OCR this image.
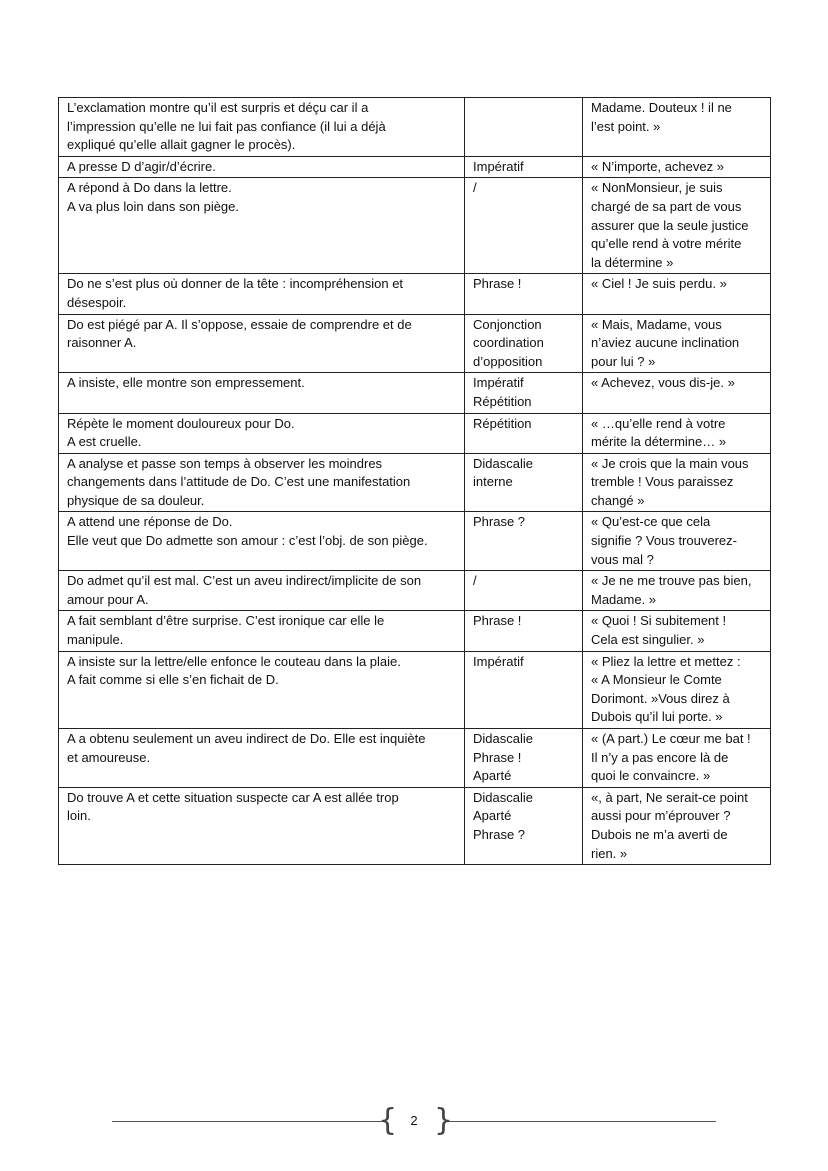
L’exclamation montre qu’il est surpris et déçu car il a
l’impression qu’elle ne lui fait pas confiance (il lui a déjà
expliqué qu’elle allait gagner le procès).		Madame. Douteux ! il ne
l’est point. »

A presse D d’agir/d’écrire.	Impératif	« N’importe, achevez »

A répond à Do dans la lettre.
A va plus loin dans son piège.	/	« NonMonsieur, je suis
chargé de sa part de vous
assurer que la seule justice
qu’elle rend à votre mérite
la détermine »

Do ne s’est plus où donner de la tête : incompréhension et
désespoir.	Phrase !	« Ciel ! Je suis perdu. »

Do est piégé par A. Il s’oppose, essaie de comprendre et de
raisonner A.	Conjonction
coordination
d’opposition	« Mais, Madame, vous
n’aviez aucune inclination
pour lui ? »

A insiste, elle montre son empressement.	Impératif
Répétition	« Achevez, vous dis-je. »

Répète le moment douloureux pour Do.
A est cruelle.	Répétition	« …qu’elle rend à votre
mérite la détermine… »

A analyse et passe son temps à observer les moindres
changements dans l’attitude de Do. C’est une manifestation
physique de sa douleur.	Didascalie
interne	« Je crois que la main vous
tremble ! Vous paraissez
changé »

A attend une réponse de Do.
Elle veut que Do admette son amour : c’est l’obj. de son piège.	Phrase ?	« Qu’est-ce que cela
signifie ? Vous trouverez-
vous mal ?

Do admet qu’il est mal. C’est un aveu indirect/implicite de son
amour pour A.	/	« Je ne me trouve pas bien,
Madame. »

A fait semblant d’être surprise. C’est ironique car elle le
manipule.	Phrase !	« Quoi ! Si subitement !
Cela est singulier. »

A insiste sur la lettre/elle enfonce le couteau dans la plaie.
A fait comme si elle s’en fichait de D.	Impératif	« Pliez la lettre et mettez :
« A Monsieur le Comte
Dorimont. »Vous direz à
Dubois qu’il lui porte. »

A a obtenu seulement un aveu indirect de Do. Elle est inquiète
et amoureuse.	Didascalie
Phrase !
Aparté	« (A part.) Le cœur me bat !
Il n’y a pas encore là de
quoi le convaincre. »

Do trouve A et cette situation suspecte car A est allée trop
loin.	Didascalie
Aparté
Phrase ?	«, à part, Ne serait-ce point
aussi pour m’éprouver ?
Dubois ne m’a averti de
rien. »
{	2 }
